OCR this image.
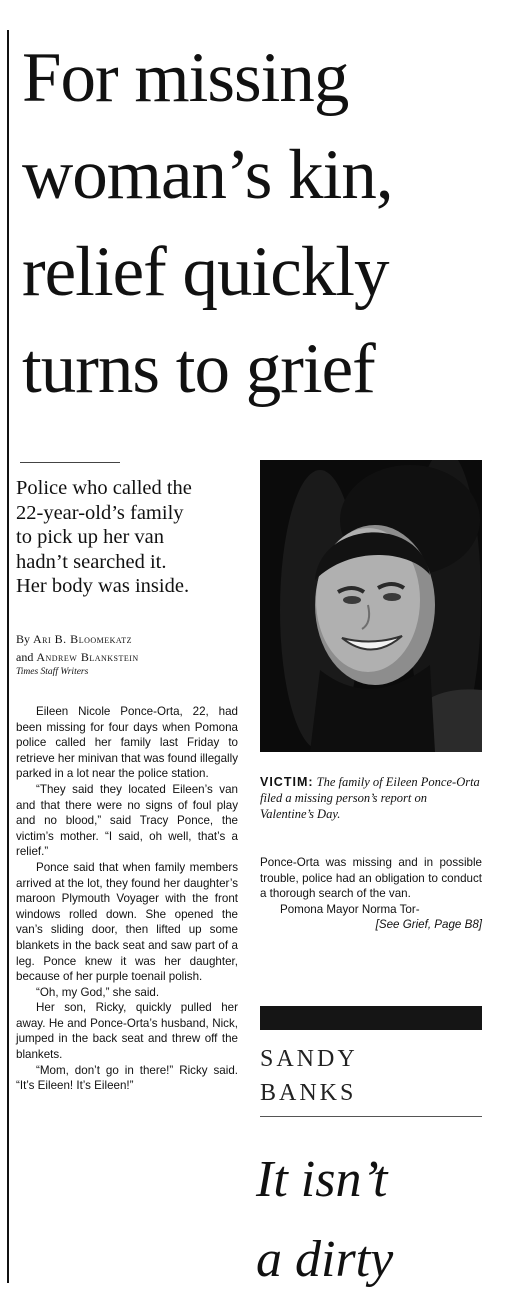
For missing
woman’s kin,
relief quickly
turns to grief
Police who called the
22-year-old’s family
to pick up her van
hadn’t searched it.
Her body was inside.
By Ari B. Bloomekatz
and Andrew Blankstein
Times Staff Writers

Eileen Nicole Ponce-Orta, 22, had been missing for four days when Pomona police called her family last Friday to retrieve her minivan that was found illegally parked in a lot near the police station.

“They said they located Eileen’s van and that there were no signs of foul play and no blood,” said Tracy Ponce, the victim’s mother. “I said, oh well, that’s a relief.”

Ponce said that when family members arrived at the lot, they found her daughter’s maroon Plymouth Voyager with the front windows rolled down. She opened the van’s sliding door, then lifted up some blankets in the back seat and saw part of a leg. Ponce knew it was her daughter, because of her purple toenail polish.

“Oh, my God,” she said.

Her son, Ricky, quickly pulled her away. He and Ponce-Orta’s husband, Nick, jumped in the back seat and threw off the blankets.

“Mom, don’t go in there!” Ricky said. “It’s Eileen! It’s Eileen!”

VICTIM: The family of Eileen Ponce-Orta filed a missing person’s report on Valentine’s Day.

Ponce-Orta was missing and in possible trouble, police had an obligation to conduct a thorough search of the van.

Pomona Mayor Norma Tor-

[See Grief, Page B8]

SANDY
BANKS
It isn’t
a dirty
